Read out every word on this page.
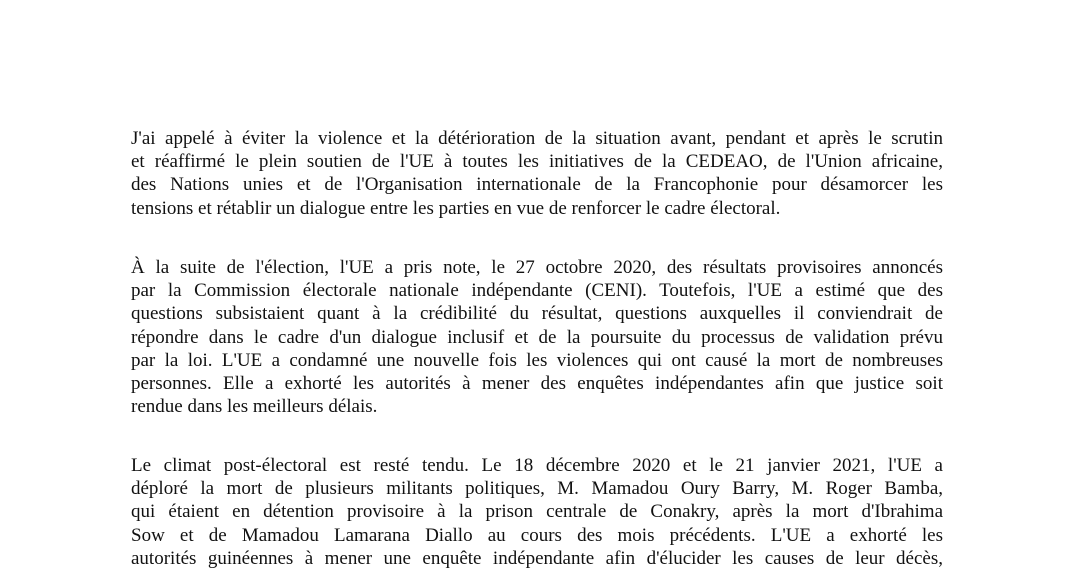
J'ai appelé à éviter la violence et la détérioration de la situation avant, pendant et après le scrutin
et réaffirmé le plein soutien de l'UE à toutes les initiatives de la CEDEAO, de l'Union africaine,
des Nations unies et de l'Organisation internationale de la Francophonie pour désamorcer les
tensions et rétablir un dialogue entre les parties en vue de renforcer le cadre électoral.
À la suite de l'élection, l'UE a pris note, le 27 octobre 2020, des résultats provisoires annoncés
par la Commission électorale nationale indépendante (CENI). Toutefois, l'UE a estimé que des
questions subsistaient quant à la crédibilité du résultat, questions auxquelles il conviendrait de
répondre dans le cadre d'un dialogue inclusif et de la poursuite du processus de validation prévu
par la loi. L'UE a condamné une nouvelle fois les violences qui ont causé la mort de nombreuses
personnes. Elle a exhorté les autorités à mener des enquêtes indépendantes afin que justice soit
rendue dans les meilleurs délais.
Le climat post-électoral est resté tendu. Le 18 décembre 2020 et le 21 janvier 2021, l'UE a
déploré la mort de plusieurs militants politiques, M. Mamadou Oury Barry, M. Roger Bamba,
qui étaient en détention provisoire à la prison centrale de Conakry, après la mort d'Ibrahima
Sow et de Mamadou Lamarana Diallo au cours des mois précédents. L'UE a exhorté les
autorités guinéennes à mener une enquête indépendante afin d'élucider les causes de leur décès,
